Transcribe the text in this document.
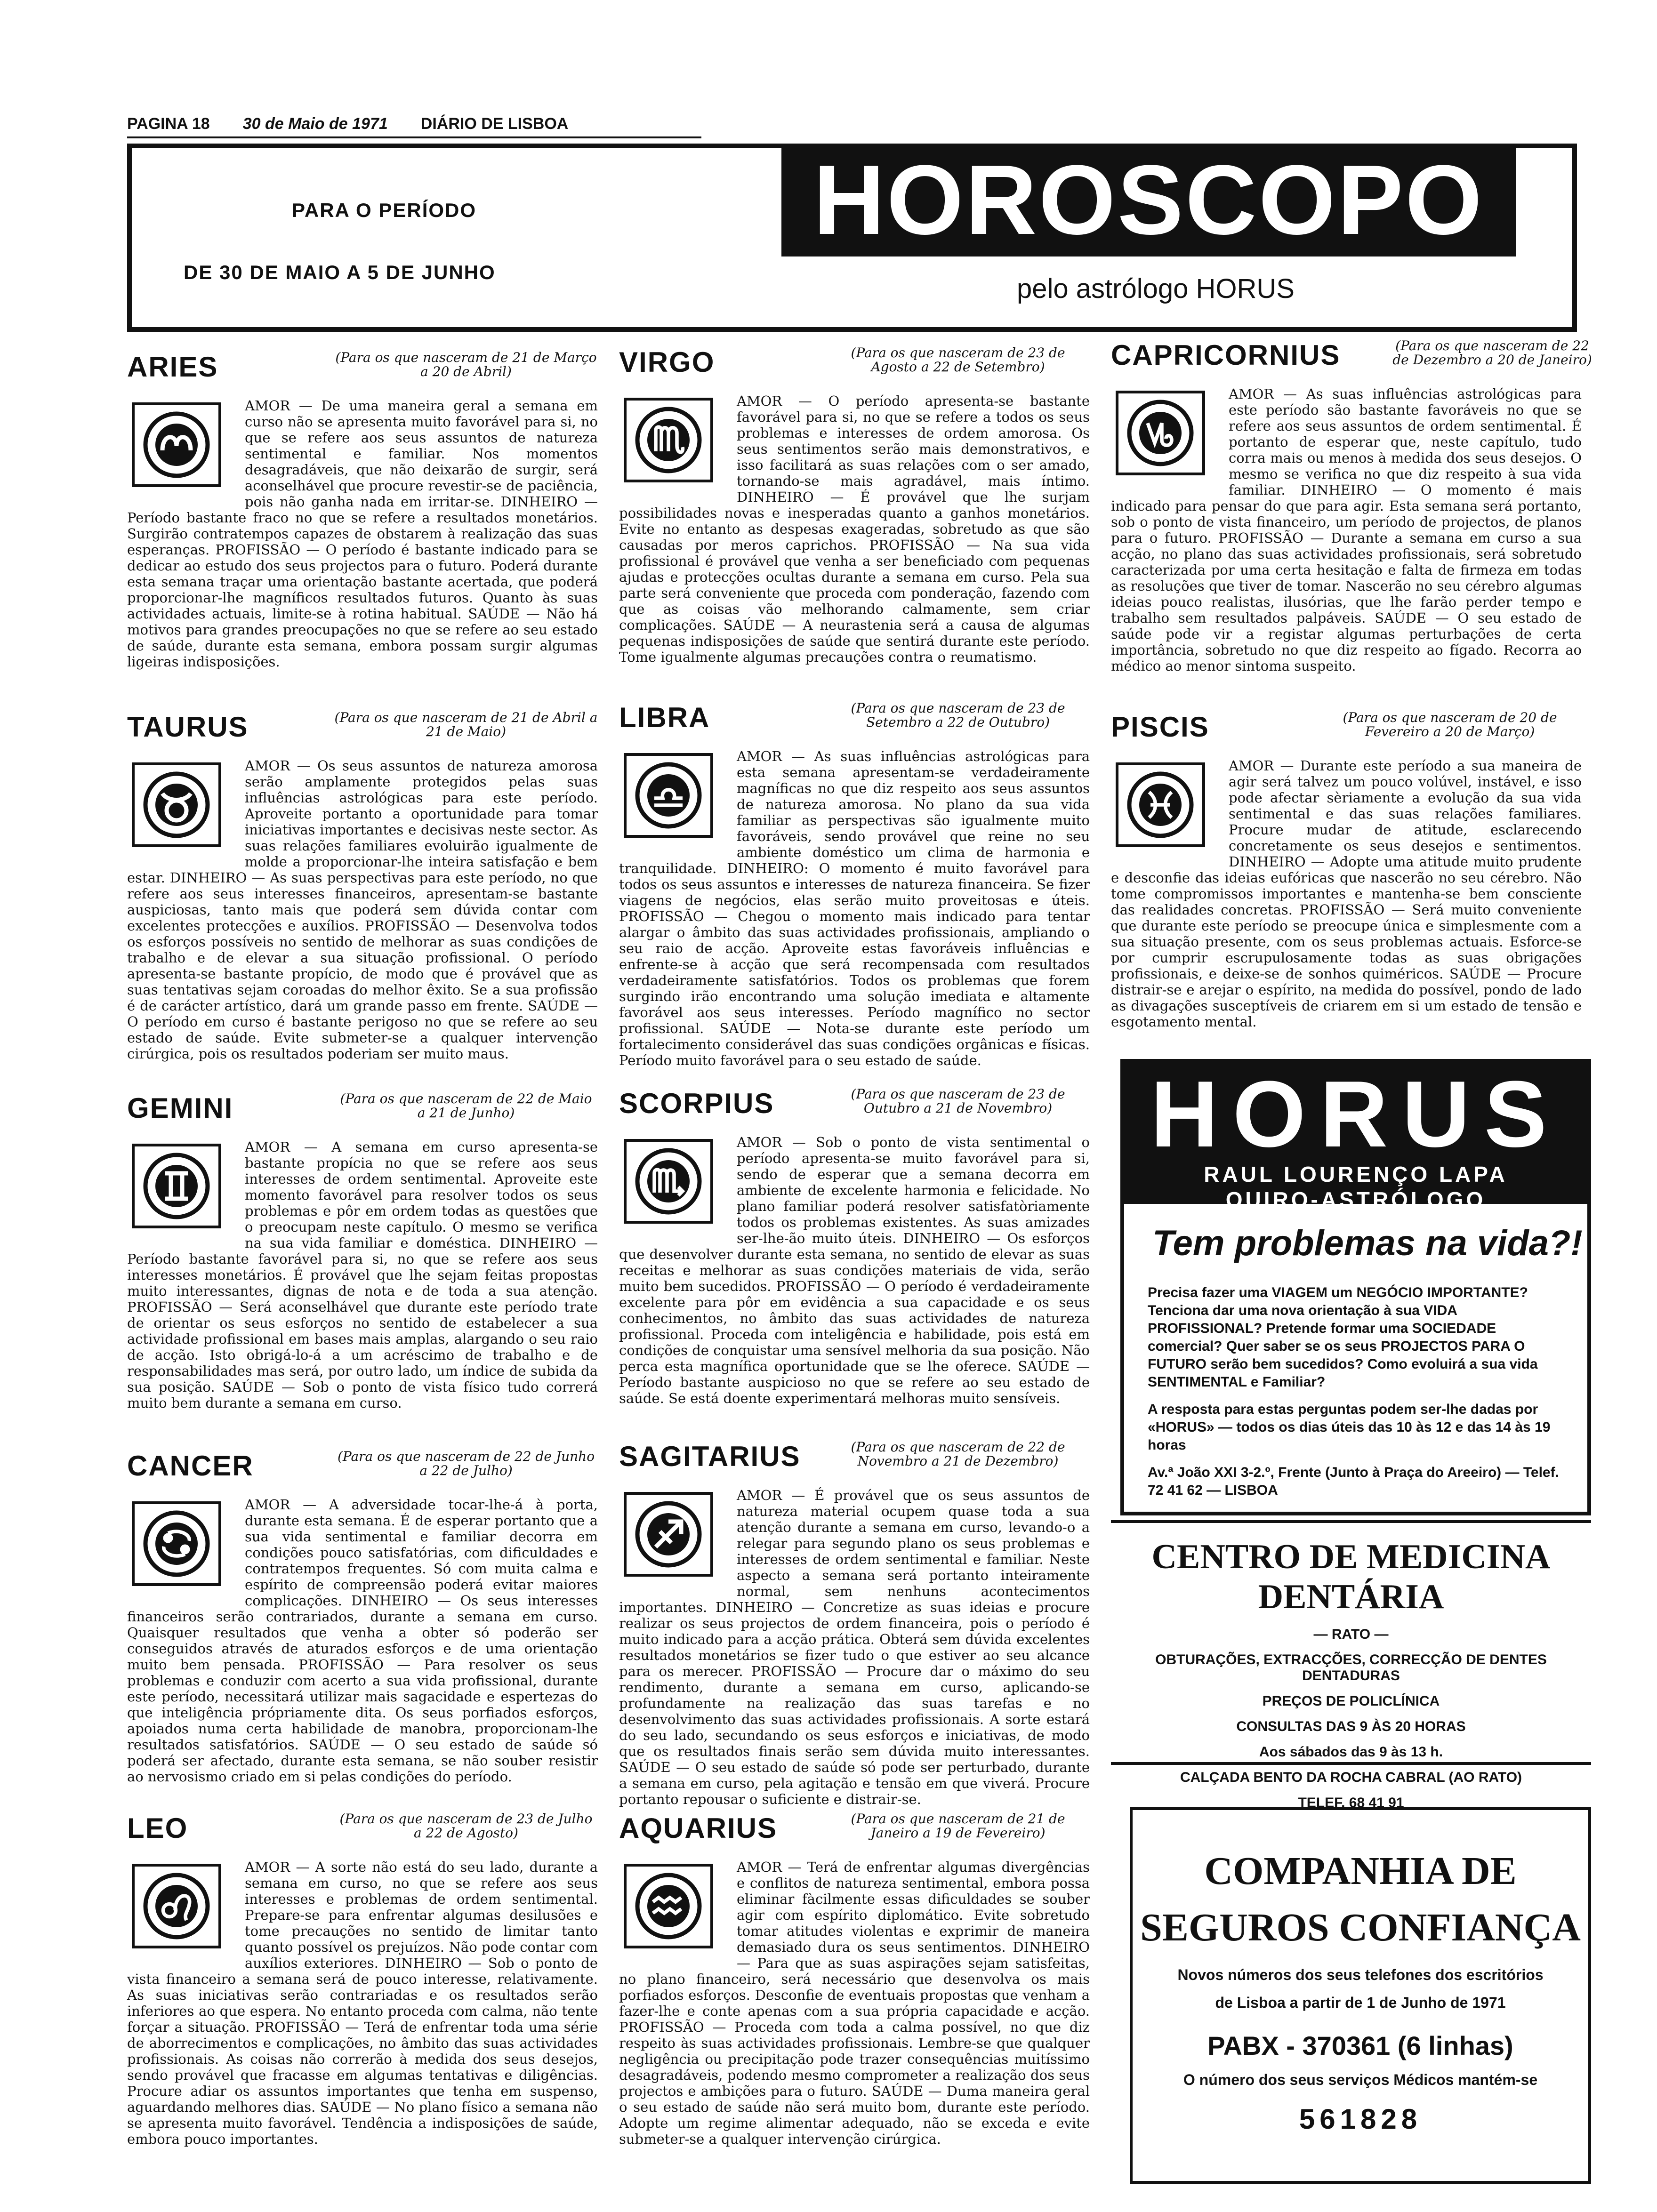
PAGINA 18 30 de Maio de 1971 DIÁRIO DE LISBOA
PARA O PERÍODO
DE 30 DE MAIO A 5 DE JUNHO
HOROSCOPO
pelo astrólogo HORUS
ARIES	(Para os que nasceram de 21 de Março a 20 de Abril)
AMOR — De uma maneira geral a semana em curso não se apresenta muito favorável para si, no que se refere aos seus assuntos de natureza sentimental e familiar. Nos momentos desagradáveis, que não deixarão de surgir, será aconselhável que procure revestir-se de paciência, pois não ganha nada em irritar-se. DINHEIRO — Período bastante fraco no que se refere a resultados monetários. Surgirão contratempos capazes de obstarem à realização das suas esperanças. PROFISSÃO — O período é bastante indicado para se dedicar ao estudo dos seus projectos para o futuro. Poderá durante esta semana traçar uma orientação bastante acertada, que poderá proporcionar-lhe magníficos resultados futuros. Quanto às suas actividades actuais, limite-se à rotina habitual. SAÚDE — Não há motivos para grandes preocupações no que se refere ao seu estado de saúde, durante esta semana, embora possam surgir algumas ligeiras indisposições.
TAURUS	(Para os que nasceram de 21 de Abril a 21 de Maio)
AMOR — Os seus assuntos de natureza amorosa serão amplamente protegidos pelas suas influências astrológicas para este período. Aproveite portanto a oportunidade para tomar iniciativas importantes e decisivas neste sector. As suas relações familiares evoluirão igualmente de molde a proporcionar-lhe inteira satisfação e bem estar. DINHEIRO — As suas perspectivas para este período, no que refere aos seus interesses financeiros, apresentam-se bastante auspiciosas, tanto mais que poderá sem dúvida contar com excelentes protecções e auxílios. PROFISSÃO — Desenvolva todos os esforços possíveis no sentido de melhorar as suas condições de trabalho e de elevar a sua situação profissional. O período apresenta-se bastante propício, de modo que é provável que as suas tentativas sejam coroadas do melhor êxito. Se a sua profissão é de carácter artístico, dará um grande passo em frente. SAÚDE — O período em curso é bastante perigoso no que se refere ao seu estado de saúde. Evite submeter-se a qualquer intervenção cirúrgica, pois os resultados poderiam ser muito maus.
GEMINI	(Para os que nasceram de 22 de Maio a 21 de Junho)
AMOR — A semana em curso apresenta-se bastante propícia no que se refere aos seus interesses de ordem sentimental. Aproveite este momento favorável para resolver todos os seus problemas e pôr em ordem todas as questões que o preocupam neste capítulo. O mesmo se verifica na sua vida familiar e doméstica. DINHEIRO — Período bastante favorável para si, no que se refere aos seus interesses monetários. É provável que lhe sejam feitas propostas muito interessantes, dignas de nota e de toda a sua atenção. PROFISSÃO — Será aconselhável que durante este período trate de orientar os seus esforços no sentido de estabelecer a sua actividade profissional em bases mais amplas, alargando o seu raio de acção. Isto obrigá-lo-á a um acréscimo de trabalho e de responsabilidades mas será, por outro lado, um índice de subida da sua posição. SAÚDE — Sob o ponto de vista físico tudo correrá muito bem durante a semana em curso.
CANCER	(Para os que nasceram de 22 de Junho a 22 de Julho)
AMOR — A adversidade tocar-lhe-á à porta, durante esta semana. É de esperar portanto que a sua vida sentimental e familiar decorra em condições pouco satisfatórias, com dificuldades e contratempos frequentes. Só com muita calma e espírito de compreensão poderá evitar maiores complicações. DINHEIRO — Os seus interesses financeiros serão contrariados, durante a semana em curso. Quaisquer resultados que venha a obter só poderão ser conseguidos através de aturados esforços e de uma orientação muito bem pensada. PROFISSÃO — Para resolver os seus problemas e conduzir com acerto a sua vida profissional, durante este período, necessitará utilizar mais sagacidade e espertezas do que inteligência própriamente dita. Os seus porfiados esforços, apoiados numa certa habilidade de manobra, proporcionam-lhe resultados satisfatórios. SAÚDE — O seu estado de saúde só poderá ser afectado, durante esta semana, se não souber resistir ao nervosismo criado em si pelas condições do período.
LEO	(Para os que nasceram de 23 de Julho a 22 de Agosto)
AMOR — A sorte não está do seu lado, durante a semana em curso, no que se refere aos seus interesses e problemas de ordem sentimental. Prepare-se para enfrentar algumas desilusões e tome precauções no sentido de limitar tanto quanto possível os prejuízos. Não pode contar com auxílios exteriores. DINHEIRO — Sob o ponto de vista financeiro a semana será de pouco interesse, relativamente. As suas iniciativas serão contrariadas e os resultados serão inferiores ao que espera. No entanto proceda com calma, não tente forçar a situação. PROFISSÃO — Terá de enfrentar toda uma série de aborrecimentos e complicações, no âmbito das suas actividades profissionais. As coisas não correrão à medida dos seus desejos, sendo provável que fracasse em algumas tentativas e diligências. Procure adiar os assuntos importantes que tenha em suspenso, aguardando melhores dias. SAÚDE — No plano físico a semana não se apresenta muito favorável. Tendência a indisposições de saúde, embora pouco importantes.
VIRGO	(Para os que nasceram de 23 de Agosto a 22 de Setembro)
AMOR — O período apresenta-se bastante favorável para si, no que se refere a todos os seus problemas e interesses de ordem amorosa. Os seus sentimentos serão mais demonstrativos, e isso facilitará as suas relações com o ser amado, tornando-se mais agradável, mais íntimo. DINHEIRO — É provável que lhe surjam possibilidades novas e inesperadas quanto a ganhos monetários. Evite no entanto as despesas exageradas, sobretudo as que são causadas por meros caprichos. PROFISSÃO — Na sua vida profissional é provável que venha a ser beneficiado com pequenas ajudas e protecções ocultas durante a semana em curso. Pela sua parte será conveniente que proceda com ponderação, fazendo com que as coisas vão melhorando calmamente, sem criar complicações. SAÚDE — A neurastenia será a causa de algumas pequenas indisposições de saúde que sentirá durante este período. Tome igualmente algumas precauções contra o reumatismo.
LIBRA	(Para os que nasceram de 23 de Setembro a 22 de Outubro)
AMOR — As suas influências astrológicas para esta semana apresentam-se verdadeiramente magníficas no que diz respeito aos seus assuntos de natureza amorosa. No plano da sua vida familiar as perspectivas são igualmente muito favoráveis, sendo provável que reine no seu ambiente doméstico um clima de harmonia e tranquilidade. DINHEIRO: O momento é muito favorável para todos os seus assuntos e interesses de natureza financeira. Se fizer viagens de negócios, elas serão muito proveitosas e úteis. PROFISSÃO — Chegou o momento mais indicado para tentar alargar o âmbito das suas actividades profissionais, ampliando o seu raio de acção. Aproveite estas favoráveis influências e enfrente-se à acção que será recompensada com resultados verdadeiramente satisfatórios. Todos os problemas que forem surgindo irão encontrando uma solução imediata e altamente favorável aos seus interesses. Período magnífico no sector profissional. SAÚDE — Nota-se durante este período um fortalecimento considerável das suas condições orgânicas e físicas. Período muito favorável para o seu estado de saúde.
SCORPIUS	(Para os que nasceram de 23 de Outubro a 21 de Novembro)
AMOR — Sob o ponto de vista sentimental o período apresenta-se muito favorável para si, sendo de esperar que a semana decorra em ambiente de excelente harmonia e felicidade. No plano familiar poderá resolver satisfatòriamente todos os problemas existentes. As suas amizades ser-lhe-ão muito úteis. DINHEIRO — Os esforços que desenvolver durante esta semana, no sentido de elevar as suas receitas e melhorar as suas condições materiais de vida, serão muito bem sucedidos. PROFISSÃO — O período é verdadeiramente excelente para pôr em evidência a sua capacidade e os seus conhecimentos, no âmbito das suas actividades de natureza profissional. Proceda com inteligência e habilidade, pois está em condições de conquistar uma sensível melhoria da sua posição. Não perca esta magnífica oportunidade que se lhe oferece. SAÚDE — Período bastante auspicioso no que se refere ao seu estado de saúde. Se está doente experimentará melhoras muito sensíveis.
SAGITARIUS	(Para os que nasceram de 22 de Novembro a 21 de Dezembro)
AMOR — É provável que os seus assuntos de natureza material ocupem quase toda a sua atenção durante a semana em curso, levando-o a relegar para segundo plano os seus problemas e interesses de ordem sentimental e familiar. Neste aspecto a semana será portanto inteiramente normal, sem nenhuns acontecimentos importantes. DINHEIRO — Concretize as suas ideias e procure realizar os seus projectos de ordem financeira, pois o período é muito indicado para a acção prática. Obterá sem dúvida excelentes resultados monetários se fizer tudo o que estiver ao seu alcance para os merecer. PROFISSÃO — Procure dar o máximo do seu rendimento, durante a semana em curso, aplicando-se profundamente na realização das suas tarefas e no desenvolvimento das suas actividades profissionais. A sorte estará do seu lado, secundando os seus esforços e iniciativas, de modo que os resultados finais serão sem dúvida muito interessantes. SAÚDE — O seu estado de saúde só pode ser perturbado, durante a semana em curso, pela agitação e tensão em que viverá. Procure portanto repousar o suficiente e distrair-se.
AQUARIUS	(Para os que nasceram de 21 de Janeiro a 19 de Fevereiro)
AMOR — Terá de enfrentar algumas divergências e conflitos de natureza sentimental, embora possa eliminar fàcilmente essas dificuldades se souber agir com espírito diplomático. Evite sobretudo tomar atitudes violentas e exprimir de maneira demasiado dura os seus sentimentos. DINHEIRO — Para que as suas aspirações sejam satisfeitas, no plano financeiro, será necessário que desenvolva os mais porfiados esforços. Desconfie de eventuais propostas que venham a fazer-lhe e conte apenas com a sua própria capacidade e acção. PROFISSÃO — Proceda com toda a calma possível, no que diz respeito às suas actividades profissionais. Lembre-se que qualquer negligência ou precipitação pode trazer consequências muitíssimo desagradáveis, podendo mesmo comprometer a realização dos seus projectos e ambições para o futuro. SAÚDE — Duma maneira geral o seu estado de saúde não será muito bom, durante este período. Adopte um regime alimentar adequado, não se exceda e evite submeter-se a qualquer intervenção cirúrgica.
CAPRICORNIUS	(Para os que nasceram de 22 de Dezembro a 20 de Janeiro)
AMOR — As suas influências astrológicas para este período são bastante favoráveis no que se refere aos seus assuntos de ordem sentimental. É portanto de esperar que, neste capítulo, tudo corra mais ou menos à medida dos seus desejos. O mesmo se verifica no que diz respeito à sua vida familiar. DINHEIRO — O momento é mais indicado para pensar do que para agir. Esta semana será portanto, sob o ponto de vista financeiro, um período de projectos, de planos para o futuro. PROFISSÃO — Durante a semana em curso a sua acção, no plano das suas actividades profissionais, será sobretudo caracterizada por uma certa hesitação e falta de firmeza em todas as resoluções que tiver de tomar. Nascerão no seu cérebro algumas ideias pouco realistas, ilusórias, que lhe farão perder tempo e trabalho sem resultados palpáveis. SAÚDE — O seu estado de saúde pode vir a registar algumas perturbações de certa importância, sobretudo no que diz respeito ao fígado. Recorra ao médico ao menor sintoma suspeito.
PISCIS	(Para os que nasceram de 20 de Fevereiro a 20 de Março)
AMOR — Durante este período a sua maneira de agir será talvez um pouco volúvel, instável, e isso pode afectar sèriamente a evolução da sua vida sentimental e das suas relações familiares. Procure mudar de atitude, esclarecendo concretamente os seus desejos e sentimentos. DINHEIRO — Adopte uma atitude muito prudente e desconfie das ideias eufóricas que nascerão no seu cérebro. Não tome compromissos importantes e mantenha-se bem consciente das realidades concretas. PROFISSÃO — Será muito conveniente que durante este período se preocupe única e simplesmente com a sua situação presente, com os seus problemas actuais. Esforce-se por cumprir escrupulosamente todas as suas obrigações profissionais, e deixe-se de sonhos quiméricos. SAÚDE — Procure distrair-se e arejar o espírito, na medida do possível, pondo de lado as divagações susceptíveis de criarem em si um estado de tensão e esgotamento mental.
HORUS
RAUL LOURENÇO LAPA
QUIRO-ASTRÓLOGO
Tem problemas na vida?!
Precisa fazer uma VIAGEM um NEGÓCIO IMPORTANTE? Tenciona dar uma nova orientação à sua VIDA PROFISSIONAL? Pretende formar uma SOCIEDADE comercial? Quer saber se os seus PROJECTOS PARA O FUTURO serão bem sucedidos? Como evoluirá a sua vida SENTIMENTAL e Familiar?
A resposta para estas perguntas podem ser-lhe dadas por «HORUS» — todos os dias úteis das 10 às 12 e das 14 às 19 horas
Av.ª João XXI 3-2.º, Frente (Junto à Praça do Areeiro) — Telef. 72 41 62 — LISBOA
CENTRO DE MEDICINA DENTÁRIA
— RATO —
OBTURAÇÕES, EXTRACÇÕES, CORRECÇÃO DE DENTES DENTADURAS
PREÇOS DE POLICLÍNICA
CONSULTAS DAS 9 ÀS 20 HORAS
Aos sábados das 9 às 13 h.
CALÇADA BENTO DA ROCHA CABRAL (AO RATO)
TELEF. 68 41 91
COMPANHIA DE SEGUROS CONFIANÇA
Novos números dos seus telefones dos escritórios
de Lisboa a partir de 1 de Junho de 1971
PABX - 370361 (6 linhas)
O número dos seus serviços Médicos mantém-se
561828
